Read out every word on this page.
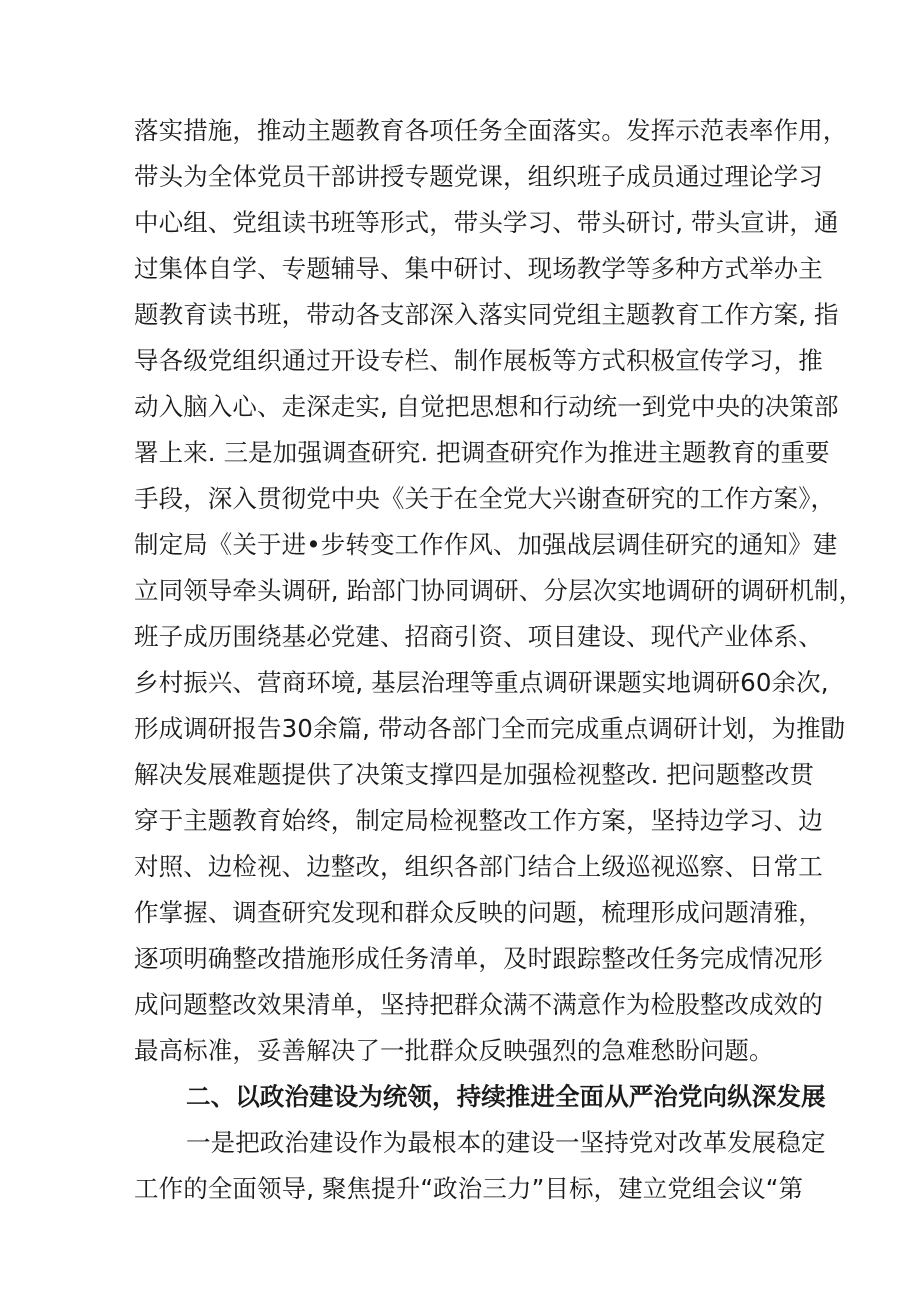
落实措施，推动主题教育各项任务全面落实。发挥示范表率作用，
带头为全体党员干部讲授专题党课，组织班子成员通过理论学习
中心组、党组读书班等形式，带头学习、带头研讨, 带头宣讲，通
过集体自学、专题辅导、集中研讨、现场教学等多种方式举办主
题教育读书班，带动各支部深入落实同党组主题教育工作方案, 指
导各级党组织通过开设专栏、制作展板等方式积极宣传学习，推
动入脑入心、走深走实, 自觉把思想和行动统一到党中央的决策部
署上来. 三是加强调查研究. 把调查研究作为推进主题教育的重要
手段，深入贯彻党中央《关于在全党大兴谢查研究的工作方案》，
制定局《关于进•步转变工作作风、加强战层调佳研究的通知》建
立同领导牵头调研, 跆部门协同调研、分层次实地调研的调研机制，
班子成历围绕基必党建、招商引资、项目建设、现代产业体系、
乡村振兴、营商环境, 基层治理等重点调研课题实地调研60余次,
形成调研报告30余篇, 带动各部门全而完成重点调研计划，为推勖
解决发展难题提供了决策支撑四是加强检视整改. 把问题整改贯
穿于主题教育始终，制定局检视整改工作方案，坚持边学习、边
对照、边检视、边整改，组织各部门结合上级巡视巡察、日常工
作掌握、调查研究发现和群众反映的问题，梳理形成问题清雅，
逐项明确整改措施形成任务清单，及时跟踪整改任务完成情况形
成问题整改效果清单，坚持把群众满不满意作为检股整改成效的
最高标准，妥善解决了一批群众反映强烈的急难愁盼问题。
二、以政治建设为统领，持续推进全面从严治党向纵深发展
一是把政治建设作为最根本的建设一坚持党对改革发展稳定
工作的全面领导, 聚焦提升“政治三力”目标，建立党组会议“第
